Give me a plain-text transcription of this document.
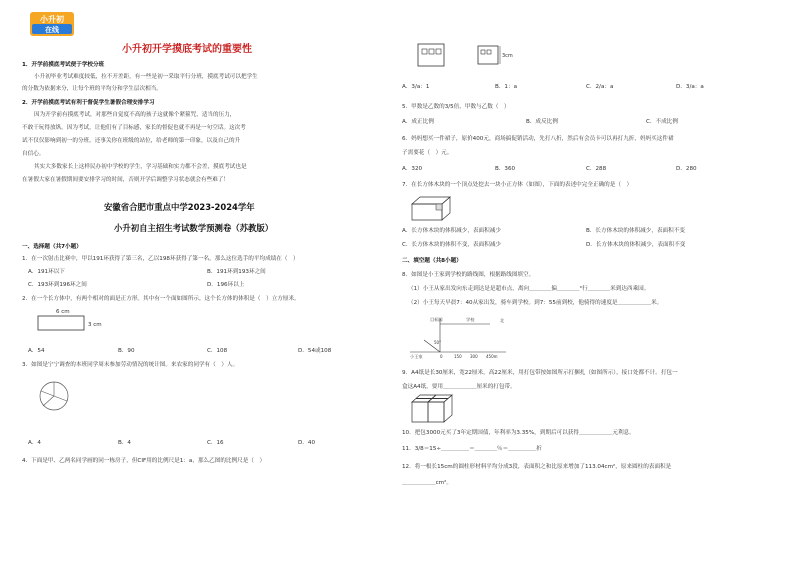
小升初
在线
小升初开学摸底考试的重要性
1．开学前摸底考试便于学校分班
小升初毕业考试难度较低，拉不开差距，有一些是初一采取平行分班，摸底考试可以把学生
的分数为依据来分，让每个班的平均分和学生层次相当。
2．开学前摸底考试有利于督促学生暑假合理安排学习
因为开学前有摸底考试，对那些自觉度不高的孩子这就像个紧箍咒，适当的压力，
不敢干玩得放纵。因为考试，让他们有了目标感，家长的督促也就不再是一句空话。这次考
试不仅仅影响到初一的分班，还事关你在班级的站位，给老师的第一印象，以及自己的升
自信心。
其实大多数家长上这样民办初中学校的学生，学习基础和实力都不会差，摸底考试也是
在暑假大家在暑假期间要安排学习的时间，否则开学后调整学习状态就会有些难了！
安徽省合肥市重点中学2023-2024学年
小升初自主招生考试数学预测卷（苏教版）
一、选择题（共7小题）
1．在一次射击比赛中，甲以191环获得了第三名，乙以198环获得了第一名，那么这位选手的平均成绩在（　）
A．191环以下	B．191环到193环之间
C．193环到196环之间	D．196环以上
2．在一个长方体中，有两个相对的面是正方形。其中有一个面如图所示，这个长方体的体积是（　）立方厘米。
6 cm
3 cm
A．54	B．90	C．108	D．54或108
3．如图是宁宁调查的本班同学周末参加劳动情况的统计图。来农家的同学有（　）人。
A．4	B．4	C．16	D．40
4．下面是甲、乙两名同学画的同一栋房子，但CIF用的比例尺是1：a，那么乙图的比例尺是（　）
3cm
A．3/a：1	B．1：a	C．2/a：a	D．3/a：a
5．甲数是乙数的3/5倍，甲数与乙数（　）
A．成正比例	B．成反比例	C．不成比例
6．妈妈想买一件裙子，原价400元，商场搞促销活动，先打八折，然后有会员卡可以再打九折，妈妈买这件裙
子需要花（　）元。
A．320	B．360	C．288	D．280
7．在长方体木块的一个顶点处挖去一块小正方体（如图），下面的表述中完全正确的是（　）
A．长方体木块的体积减少，表面积减少	B．长方体木块的体积减少，表面积不变
C．长方体木块的体积不变，表面积减少	D．长方体木块的体积减少，表面积不变
二、填空题（共8小题）
8．如图是小王家到学校的路线图，根据路线图填空。
（1）小王从家出发向东走到达是是超市点，离向＿＿＿＿偏＿＿＿＿°行＿＿＿＿米到达西乘园。
（2）小王每天早晨7：40从家出发，骑车到学校。到7：55前到校，他骑得的速度是＿＿＿＿＿＿米。
目标园	学校	北
50°
小王家	0	150 300 450m
9．A4纸是长30厘米，宽22厘米，高22厘米，用打包带按如图所示打捆扎（如图所示），接口处都不计。打包一
盒这A4纸，要用＿＿＿＿＿＿厘米的打包带。
10．把包3000元买了3年定期国债，年利率为3.35%，到期后可以获得＿＿＿＿＿＿元利息。
11．3/8＝15÷＿＿＿＿＿＝＿＿＿＿％＝＿＿＿＿＿折
12．将一根长15cm的圆柱形材料平均分成3段，表面积之和比原来增加了113.04cm²，原来圆柱的表面积是
＿＿＿＿＿＿cm²。
